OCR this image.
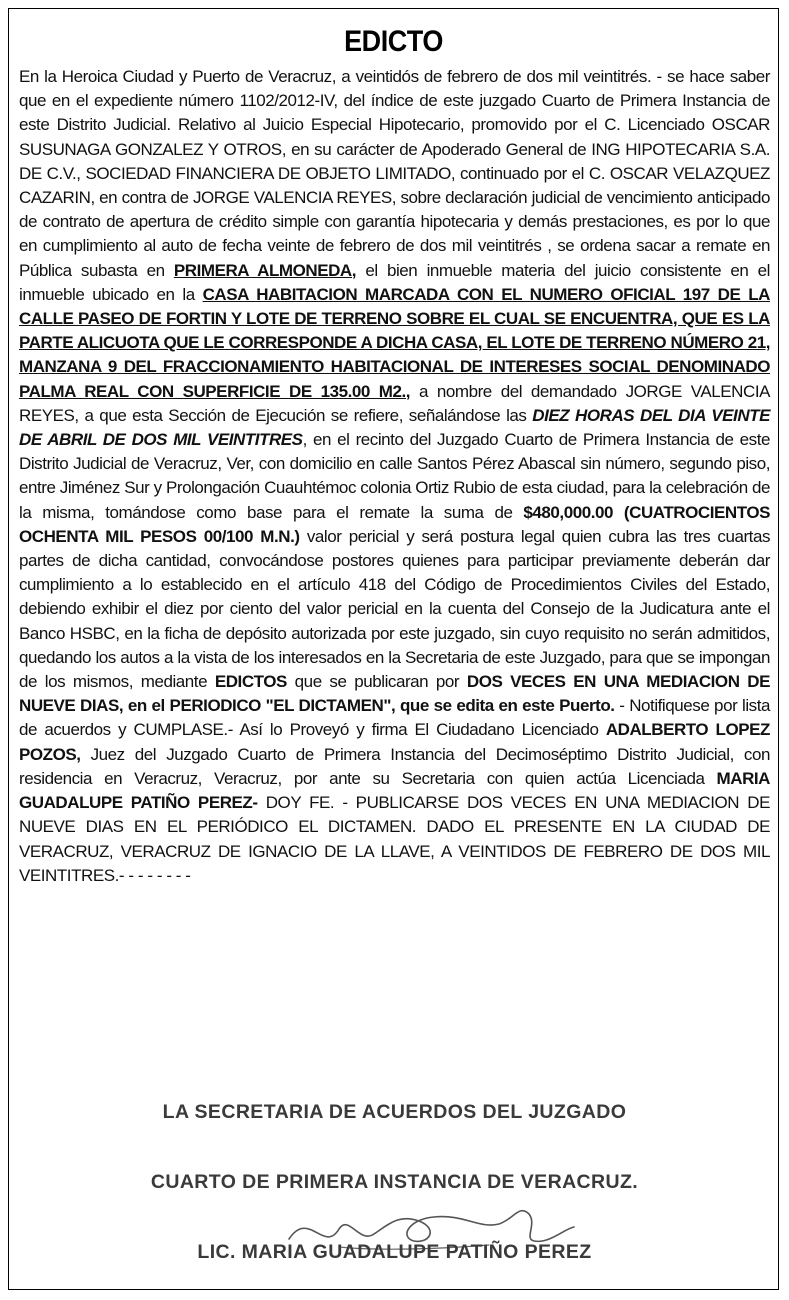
EDICTO
En la Heroica Ciudad y Puerto de Veracruz, a veintidós de febrero de dos mil veintitrés. - se hace saber que en el expediente número 1102/2012-IV, del índice de este juzgado Cuarto de Primera Instancia de este Distrito Judicial. Relativo al Juicio Especial Hipotecario, promovido por el C. Licenciado OSCAR SUSUNAGA GONZALEZ Y OTROS, en su carácter de Apoderado General de ING HIPOTECARIA S.A. DE C.V., SOCIEDAD FINANCIERA DE OBJETO LIMITADO, continuado por el C. OSCAR VELAZQUEZ CAZARIN, en contra de JORGE VALENCIA REYES, sobre declaración judicial de vencimiento anticipado de contrato de apertura de crédito simple con garantía hipotecaria y demás prestaciones, es por lo que en cumplimiento al auto de fecha veinte de febrero de dos mil veintitrés , se ordena sacar a remate en Pública subasta en PRIMERA ALMONEDA, el bien inmueble materia del juicio consistente en el inmueble ubicado en la CASA HABITACION MARCADA CON EL NUMERO OFICIAL 197 DE LA CALLE PASEO DE FORTIN Y LOTE DE TERRENO SOBRE EL CUAL SE ENCUENTRA, QUE ES LA PARTE ALICUOTA QUE LE CORRESPONDE A DICHA CASA, EL LOTE DE TERRENO NÚMERO 21, MANZANA 9 DEL FRACCIONAMIENTO HABITACIONAL DE INTERESES SOCIAL DENOMINADO PALMA REAL CON SUPERFICIE DE 135.00 M2., a nombre del demandado JORGE VALENCIA REYES, a que esta Sección de Ejecución se refiere, señalándose las DIEZ HORAS DEL DIA VEINTE DE ABRIL DE DOS MIL VEINTITRES, en el recinto del Juzgado Cuarto de Primera Instancia de este Distrito Judicial de Veracruz, Ver, con domicilio en calle Santos Pérez Abascal sin número, segundo piso, entre Jiménez Sur y Prolongación Cuauhtémoc colonia Ortiz Rubio de esta ciudad, para la celebración de la misma, tomándose como base para el remate la suma de $480,000.00 (CUATROCIENTOS OCHENTA MIL PESOS 00/100 M.N.) valor pericial y será postura legal quien cubra las tres cuartas partes de dicha cantidad, convocándose postores quienes para participar previamente deberán dar cumplimiento a lo establecido en el artículo 418 del Código de Procedimientos Civiles del Estado, debiendo exhibir el diez por ciento del valor pericial en la cuenta del Consejo de la Judicatura ante el Banco HSBC, en la ficha de depósito autorizada por este juzgado, sin cuyo requisito no serán admitidos, quedando los autos a la vista de los interesados en la Secretaria de este Juzgado, para que se impongan de los mismos, mediante EDICTOS que se publicaran por DOS VECES EN UNA MEDIACION DE NUEVE DIAS, en el PERIODICO "EL DICTAMEN", que se edita en este Puerto. - Notifiquese por lista de acuerdos y CUMPLASE.- Así lo Proveyó y firma El Ciudadano Licenciado ADALBERTO LOPEZ POZOS, Juez del Juzgado Cuarto de Primera Instancia del Decimoséptimo Distrito Judicial, con residencia en Veracruz, Veracruz, por ante su Secretaria con quien actúa Licenciada MARIA GUADALUPE PATIÑO PEREZ- DOY FE. - PUBLICARSE DOS VECES EN UNA MEDIACION DE NUEVE DIAS EN EL PERIÓDICO EL DICTAMEN. DADO EL PRESENTE EN LA CIUDAD DE VERACRUZ, VERACRUZ DE IGNACIO DE LA LLAVE, A VEINTIDOS DE FEBRERO DE DOS MIL VEINTITRES.- - - - - - - -
LA SECRETARIA DE ACUERDOS DEL JUZGADO
CUARTO DE PRIMERA INSTANCIA DE VERACRUZ.
LIC. MARIA GUADALUPE PATIÑO PEREZ
